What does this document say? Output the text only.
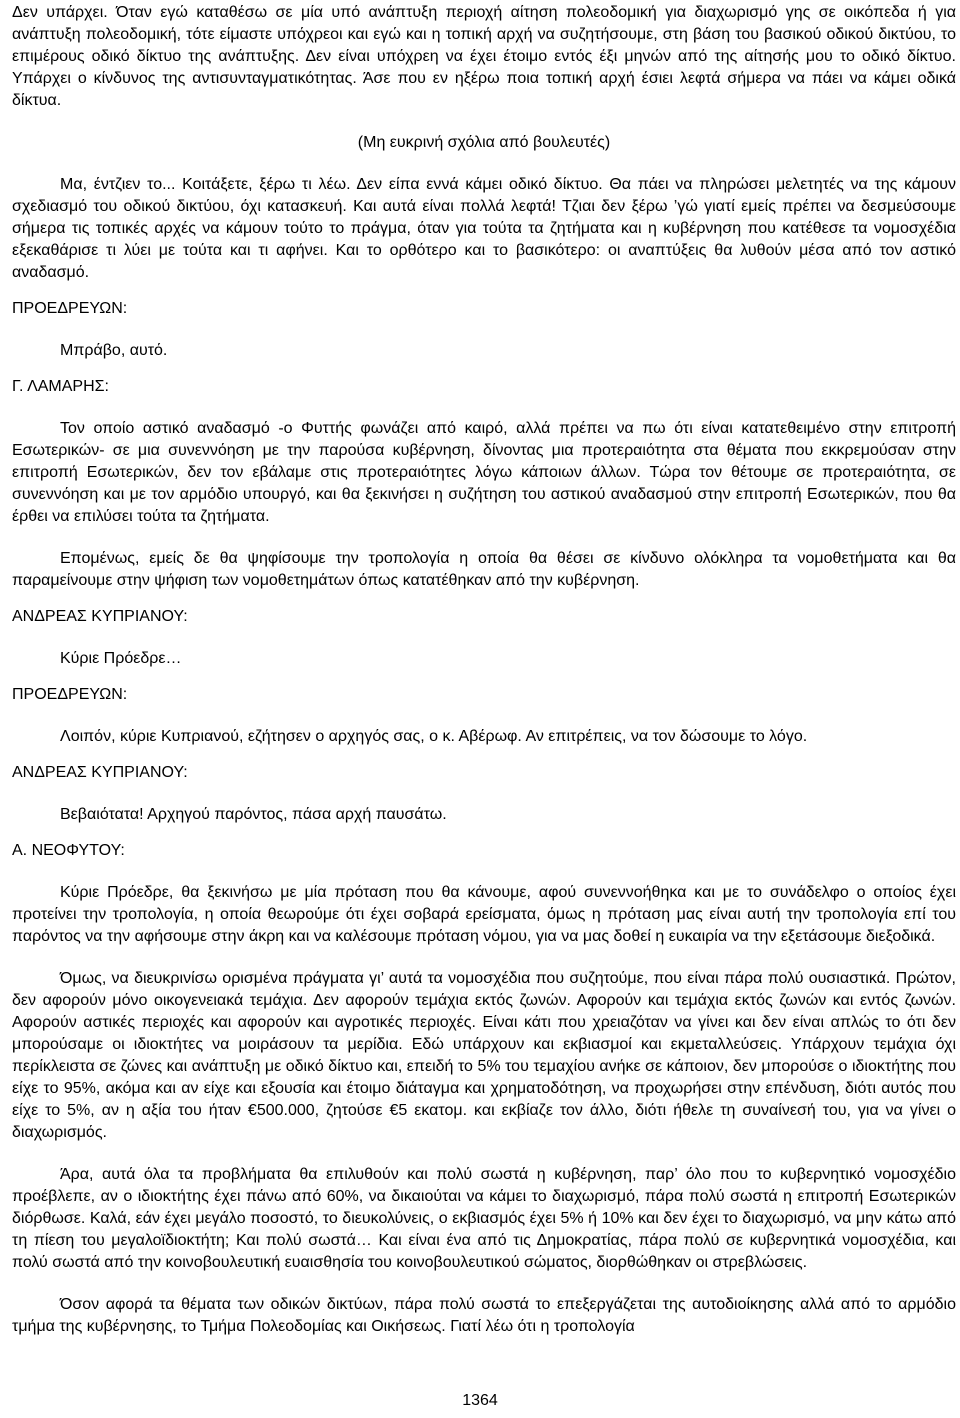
Δεν υπάρχει. Όταν εγώ καταθέσω σε μία υπό ανάπτυξη περιοχή αίτηση πολεοδομική για διαχωρισμό γης σε οικόπεδα ή για ανάπτυξη πολεοδομική, τότε είμαστε υπόχρεοι και εγώ και η τοπική αρχή να συζητήσουμε, στη βάση του βασικού οδικού δικτύου, το επιμέρους οδικό δίκτυο της ανάπτυξης. Δεν είναι υπόχρεη να έχει έτοιμο εντός έξι μηνών από της αίτησής μου το οδικό δίκτυο. Υπάρχει ο κίνδυνος της αντισυνταγματικότητας. Άσε που εν ηξέρω ποια τοπική αρχή έσιει λεφτά σήμερα να πάει να κάμει οδικά δίκτυα.

(Μη ευκρινή σχόλια από βουλευτές)

Μα, έντζιεν το... Κοιτάξετε, ξέρω τι λέω. Δεν είπα εννά κάμει οδικό δίκτυο. Θα πάει να πληρώσει μελετητές να της κάμουν σχεδιασμό του οδικού δικτύου, όχι κατασκευή. Και αυτά είναι πολλά λεφτά! Τζιαι δεν ξέρω ’γώ γιατί εμείς πρέπει να δεσμεύσουμε σήμερα τις τοπικές αρχές να κάμουν τούτο το πράγμα, όταν για τούτα τα ζητήματα και η κυβέρνηση που κατέθεσε τα νομοσχέδια εξεκαθάρισε τι λύει με τούτα και τι αφήνει. Και το ορθότερο και το βασικότερο: οι αναπτύξεις θα λυθούν μέσα από τον αστικό αναδασμό.

ΠΡΟΕΔΡΕΥΩΝ:

Μπράβο, αυτό.

Γ. ΛΑΜΑΡΗΣ:

Τον οποίο αστικό αναδασμό -ο Φυττής φωνάζει από καιρό, αλλά πρέπει να πω ότι είναι κατατεθειμένο στην επιτροπή Εσωτερικών- σε μια συνεννόηση με την παρούσα κυβέρνηση, δίνοντας μια προτεραιότητα στα θέματα που εκκρεμούσαν στην επιτροπή Εσωτερικών, δεν τον εβάλαμε στις προτεραιότητες λόγω κάποιων άλλων. Τώρα τον θέτουμε σε προτεραιότητα, σε συνεννόηση και με τον αρμόδιο υπουργό, και θα ξεκινήσει η συζήτηση του αστικού αναδασμού στην επιτροπή Εσωτερικών, που θα έρθει να επιλύσει τούτα τα ζητήματα.

Επομένως, εμείς δε θα ψηφίσουμε την τροπολογία η οποία θα θέσει σε κίνδυνο ολόκληρα τα νομοθετήματα και θα παραμείνουμε στην ψήφιση των νομοθετημάτων όπως κατατέθηκαν από την κυβέρνηση.

ΑΝΔΡΕΑΣ ΚΥΠΡΙΑΝΟΥ:

Κύριε Πρόεδρε…

ΠΡΟΕΔΡΕΥΩΝ:

Λοιπόν, κύριε Κυπριανού, εζήτησεν ο αρχηγός σας, ο κ. Αβέρωφ. Αν επιτρέπεις, να τον δώσουμε το λόγο.

ΑΝΔΡΕΑΣ ΚΥΠΡΙΑΝΟΥ:

Βεβαιότατα! Αρχηγού παρόντος, πάσα αρχή παυσάτω.

Α. ΝΕΟΦΥΤΟΥ:

Κύριε Πρόεδρε, θα ξεκινήσω με μία πρόταση που θα κάνουμε, αφού συνεννοήθηκα και με το συνάδελφο ο οποίος έχει προτείνει την τροπολογία, η οποία θεωρούμε ότι έχει σοβαρά ερείσματα, όμως η πρόταση μας είναι αυτή την τροπολογία επί του παρόντος να την αφήσουμε στην άκρη και να καλέσουμε πρόταση νόμου, για να μας δοθεί η ευκαιρία να την εξετάσουμε διεξοδικά.

Όμως, να διευκρινίσω ορισμένα πράγματα γι’ αυτά τα νομοσχέδια που συζητούμε, που είναι πάρα πολύ ουσιαστικά. Πρώτον, δεν αφορούν μόνο οικογενειακά τεμάχια. Δεν αφορούν τεμάχια εκτός ζωνών. Αφορούν και τεμάχια εκτός ζωνών και εντός ζωνών. Αφορούν αστικές περιοχές και αφορούν και αγροτικές περιοχές. Είναι κάτι που χρειαζόταν να γίνει και δεν είναι απλώς το ότι δεν μπορούσαμε οι ιδιοκτήτες να μοιράσουν τα μερίδια. Εδώ υπάρχουν και εκβιασμοί και εκμεταλλεύσεις. Υπάρχουν τεμάχια όχι περίκλειστα σε ζώνες και ανάπτυξη με οδικό δίκτυο και, επειδή το 5% του τεμαχίου ανήκε σε κάποιον, δεν μπορούσε ο ιδιοκτήτης που είχε το 95%, ακόμα και αν είχε και εξουσία και έτοιμο διάταγμα και χρηματοδότηση, να προχωρήσει στην επένδυση, διότι αυτός που είχε το 5%, αν η αξία του ήταν €500.000, ζητούσε €5 εκατομ. και εκβίαζε τον άλλο, διότι ήθελε τη συναίνεσή του, για να γίνει ο διαχωρισμός.

Άρα, αυτά όλα τα προβλήματα θα επιλυθούν και πολύ σωστά η κυβέρνηση, παρ’ όλο που το κυβερνητικό νομοσχέδιο προέβλεπε, αν ο ιδιοκτήτης έχει πάνω από 60%, να δικαιούται να κάμει το διαχωρισμό, πάρα πολύ σωστά η επιτροπή Εσωτερικών διόρθωσε. Καλά, εάν έχει μεγάλο ποσοστό, το διευκολύνεις, ο εκβιασμός έχει 5% ή 10% και δεν έχει το διαχωρισμό, να μην κάτω από τη πίεση του μεγαλοϊδιοκτήτη; Και πολύ σωστά… Και είναι ένα από τις Δημοκρατίας, πάρα πολύ σε κυβερνητικά νομοσχέδια, και πολύ σωστά από την κοινοβουλευτική ευαισθησία του κοινοβουλευτικού σώματος, διορθώθηκαν οι στρεβλώσεις.

Όσον αφορά τα θέματα των οδικών δικτύων, πάρα πολύ σωστά το επεξεργάζεται της αυτοδιοίκησης αλλά από το αρμόδιο τμήμα της κυβέρνησης, το Τμήμα Πολεοδομίας και Οικήσεως. Γιατί λέω ότι η τροπολογία

1364
